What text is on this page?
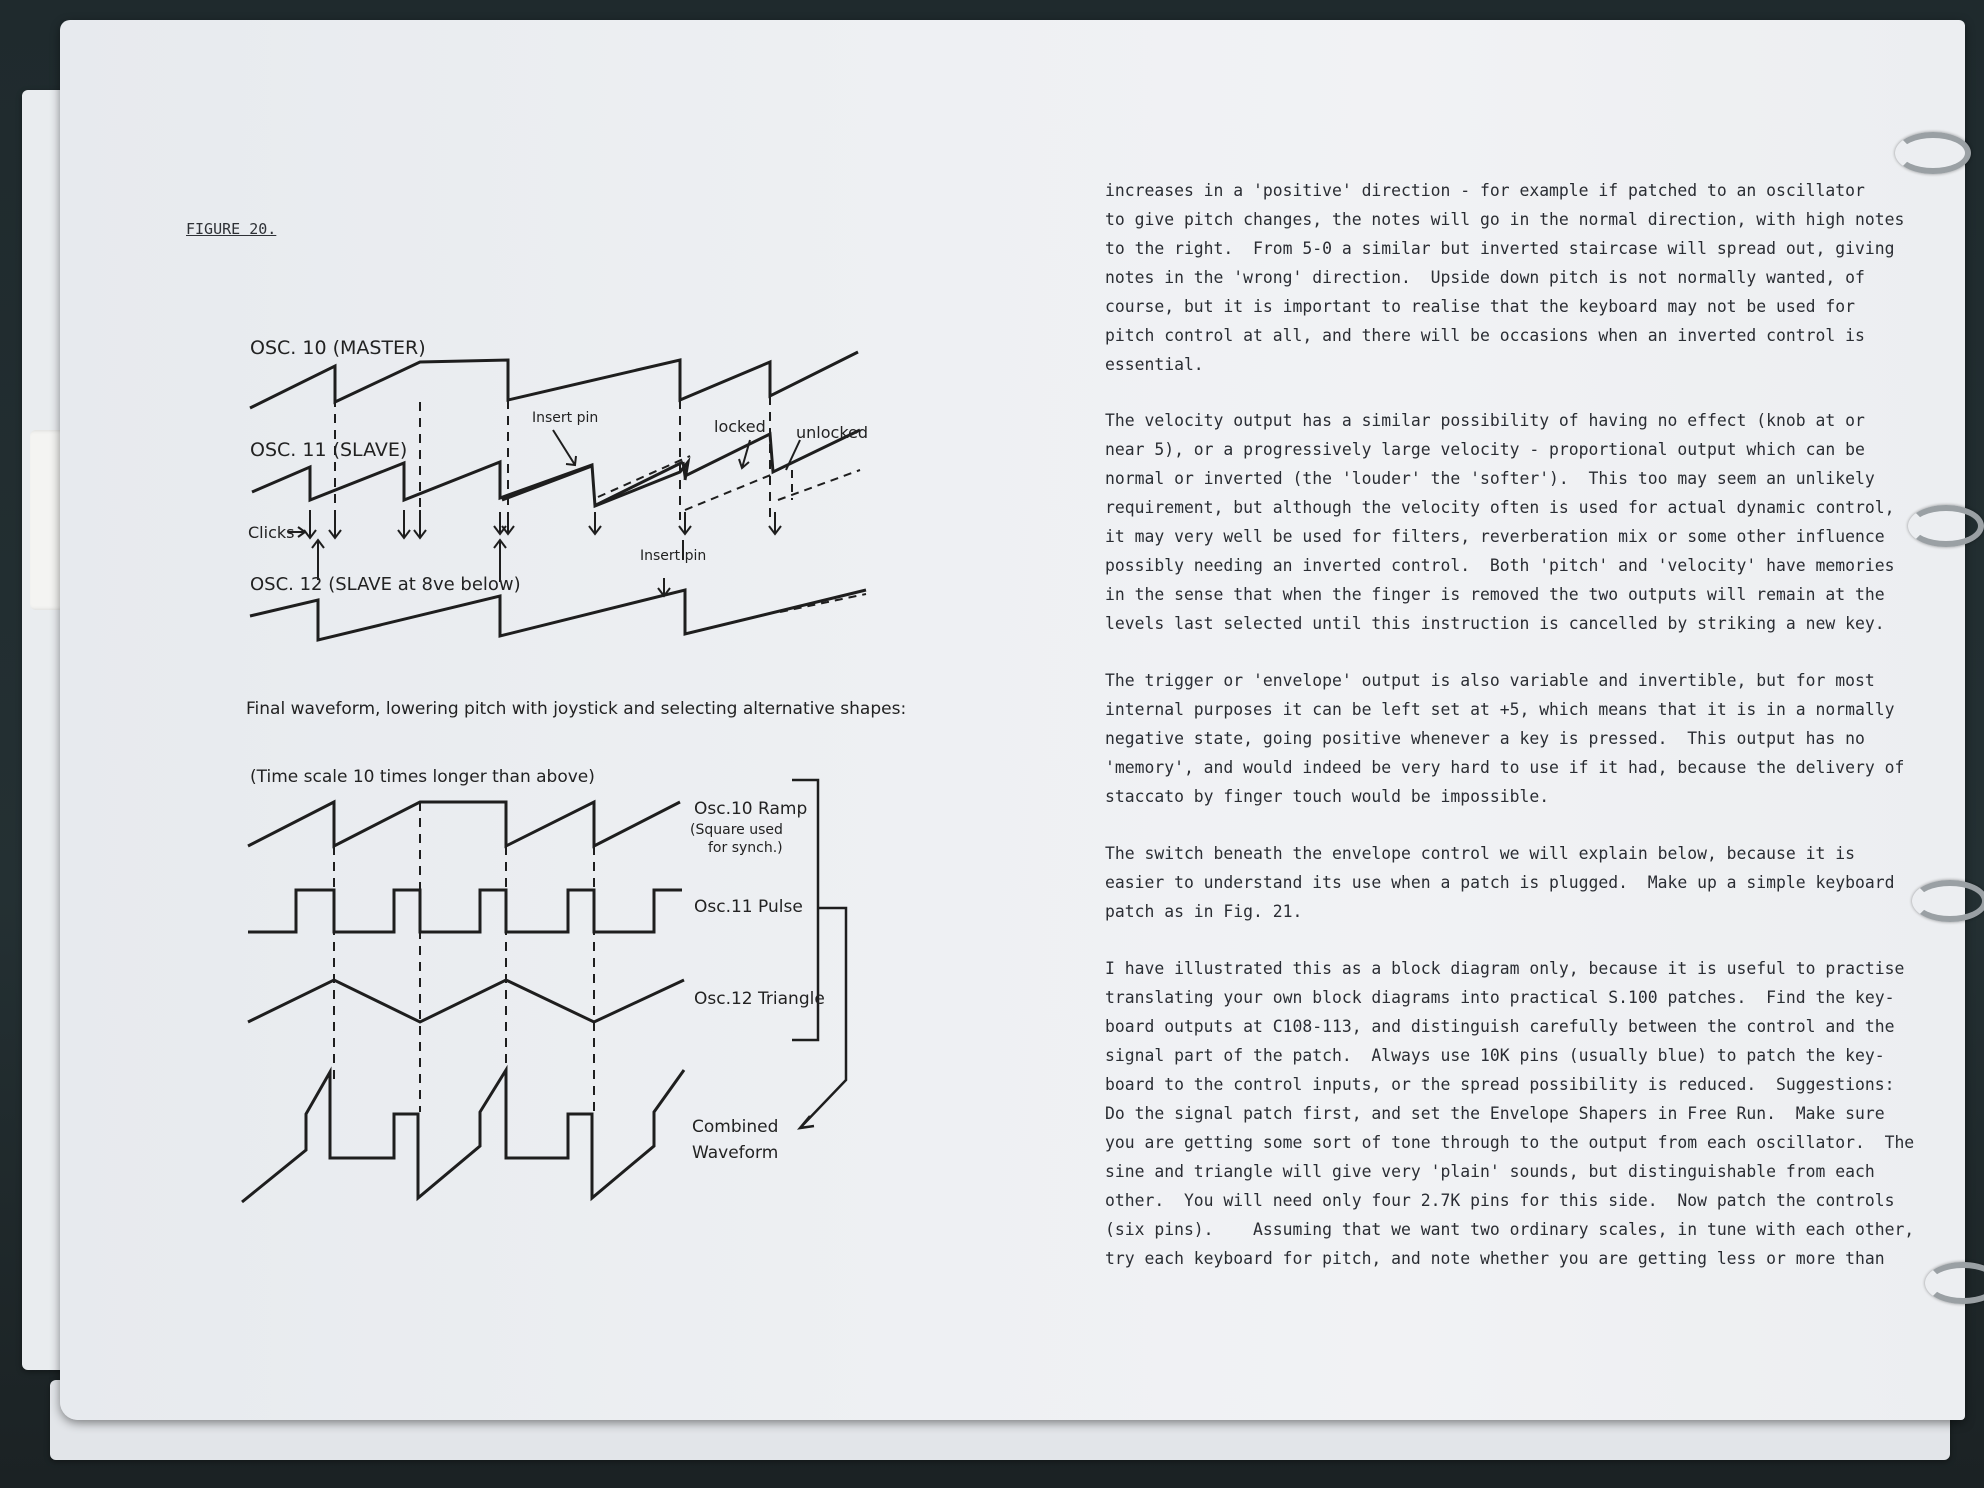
FIGURE 20.
OSC. 10 (MASTER)
OSC. 11 (SLAVE)
OSC. 12 (SLAVE at 8ve below)
Clicks
Insert pin
Insert pin
locked unlocked
Final waveform, lowering pitch with joystick and selecting alternative shapes:
(Time scale 10 times longer than above)
Osc.10 Ramp
(Square used
for synch.)
Osc.11 Pulse
Osc.12 Triangle
Combined
Waveform
increases in a 'positive' direction - for example if patched to an oscillator
to give pitch changes, the notes will go in the normal direction, with high notes
to the right.  From 5-0 a similar but inverted staircase will spread out, giving
notes in the 'wrong' direction.  Upside down pitch is not normally wanted, of
course, but it is important to realise that the keyboard may not be used for
pitch control at all, and there will be occasions when an inverted control is
essential.
The velocity output has a similar possibility of having no effect (knob at or
near 5), or a progressively large velocity - proportional output which can be
normal or inverted (the 'louder' the 'softer').  This too may seem an unlikely
requirement, but although the velocity often is used for actual dynamic control,
it may very well be used for filters, reverberation mix or some other influence
possibly needing an inverted control.  Both 'pitch' and 'velocity' have memories
in the sense that when the finger is removed the two outputs will remain at the
levels last selected until this instruction is cancelled by striking a new key.
The trigger or 'envelope' output is also variable and invertible, but for most
internal purposes it can be left set at +5, which means that it is in a normally
negative state, going positive whenever a key is pressed.  This output has no
'memory', and would indeed be very hard to use if it had, because the delivery of
staccato by finger touch would be impossible.
The switch beneath the envelope control we will explain below, because it is
easier to understand its use when a patch is plugged.  Make up a simple keyboard
patch as in Fig. 21.
I have illustrated this as a block diagram only, because it is useful to practise
translating your own block diagrams into practical S.100 patches.  Find the key-
board outputs at C108-113, and distinguish carefully between the control and the
signal part of the patch.  Always use 10K pins (usually blue) to patch the key-
board to the control inputs, or the spread possibility is reduced.  Suggestions:
Do the signal patch first, and set the Envelope Shapers in Free Run.  Make sure
you are getting some sort of tone through to the output from each oscillator.  The
sine and triangle will give very 'plain' sounds, but distinguishable from each
other.  You will need only four 2.7K pins for this side.  Now patch the controls
(six pins).    Assuming that we want two ordinary scales, in tune with each other,
try each keyboard for pitch, and note whether you are getting less or more than
